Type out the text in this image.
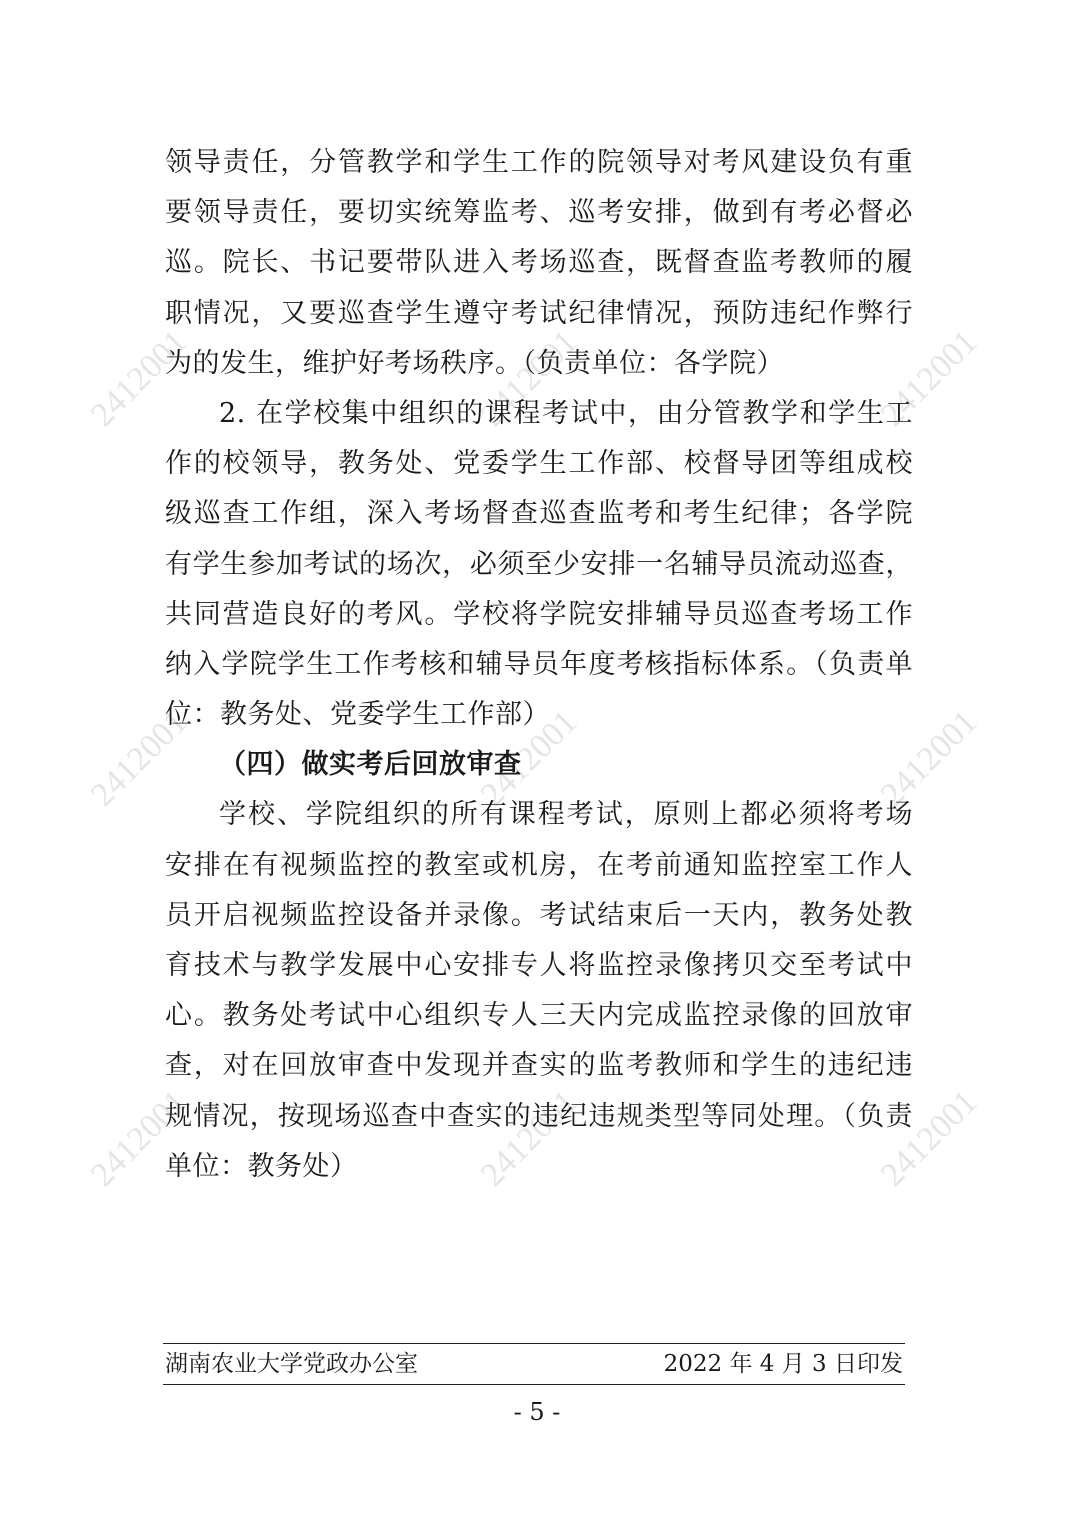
2412001	2412001	2412001
2412001	2412001	2412001
2412001	2412001	2412001
领导责任，分管教学和学生工作的院领导对考风建设负有重
要领导责任，要切实统筹监考、巡考安排，做到有考必督必
巡。院长、书记要带队进入考场巡查，既督查监考教师的履
职情况，又要巡查学生遵守考试纪律情况，预防违纪作弊行
为的发生，维护好考场秩序。（负责单位：各学院）
2. 在学校集中组织的课程考试中，由分管教学和学生工
作的校领导，教务处、党委学生工作部、校督导团等组成校
级巡查工作组，深入考场督查巡查监考和考生纪律；各学院
有学生参加考试的场次，必须至少安排一名辅导员流动巡查，
共同营造良好的考风。学校将学院安排辅导员巡查考场工作
纳入学院学生工作考核和辅导员年度考核指标体系。（负责单
位：教务处、党委学生工作部）
（四）做实考后回放审查
学校、学院组织的所有课程考试，原则上都必须将考场
安排在有视频监控的教室或机房，在考前通知监控室工作人
员开启视频监控设备并录像。考试结束后一天内，教务处教
育技术与教学发展中心安排专人将监控录像拷贝交至考试中
心。教务处考试中心组织专人三天内完成监控录像的回放审
查，对在回放审查中发现并查实的监考教师和学生的违纪违
规情况，按现场巡查中查实的违纪违规类型等同处理。（负责
单位：教务处）
湖南农业大学党政办公室	2022 年 4 月 3 日印发
- 5 -
